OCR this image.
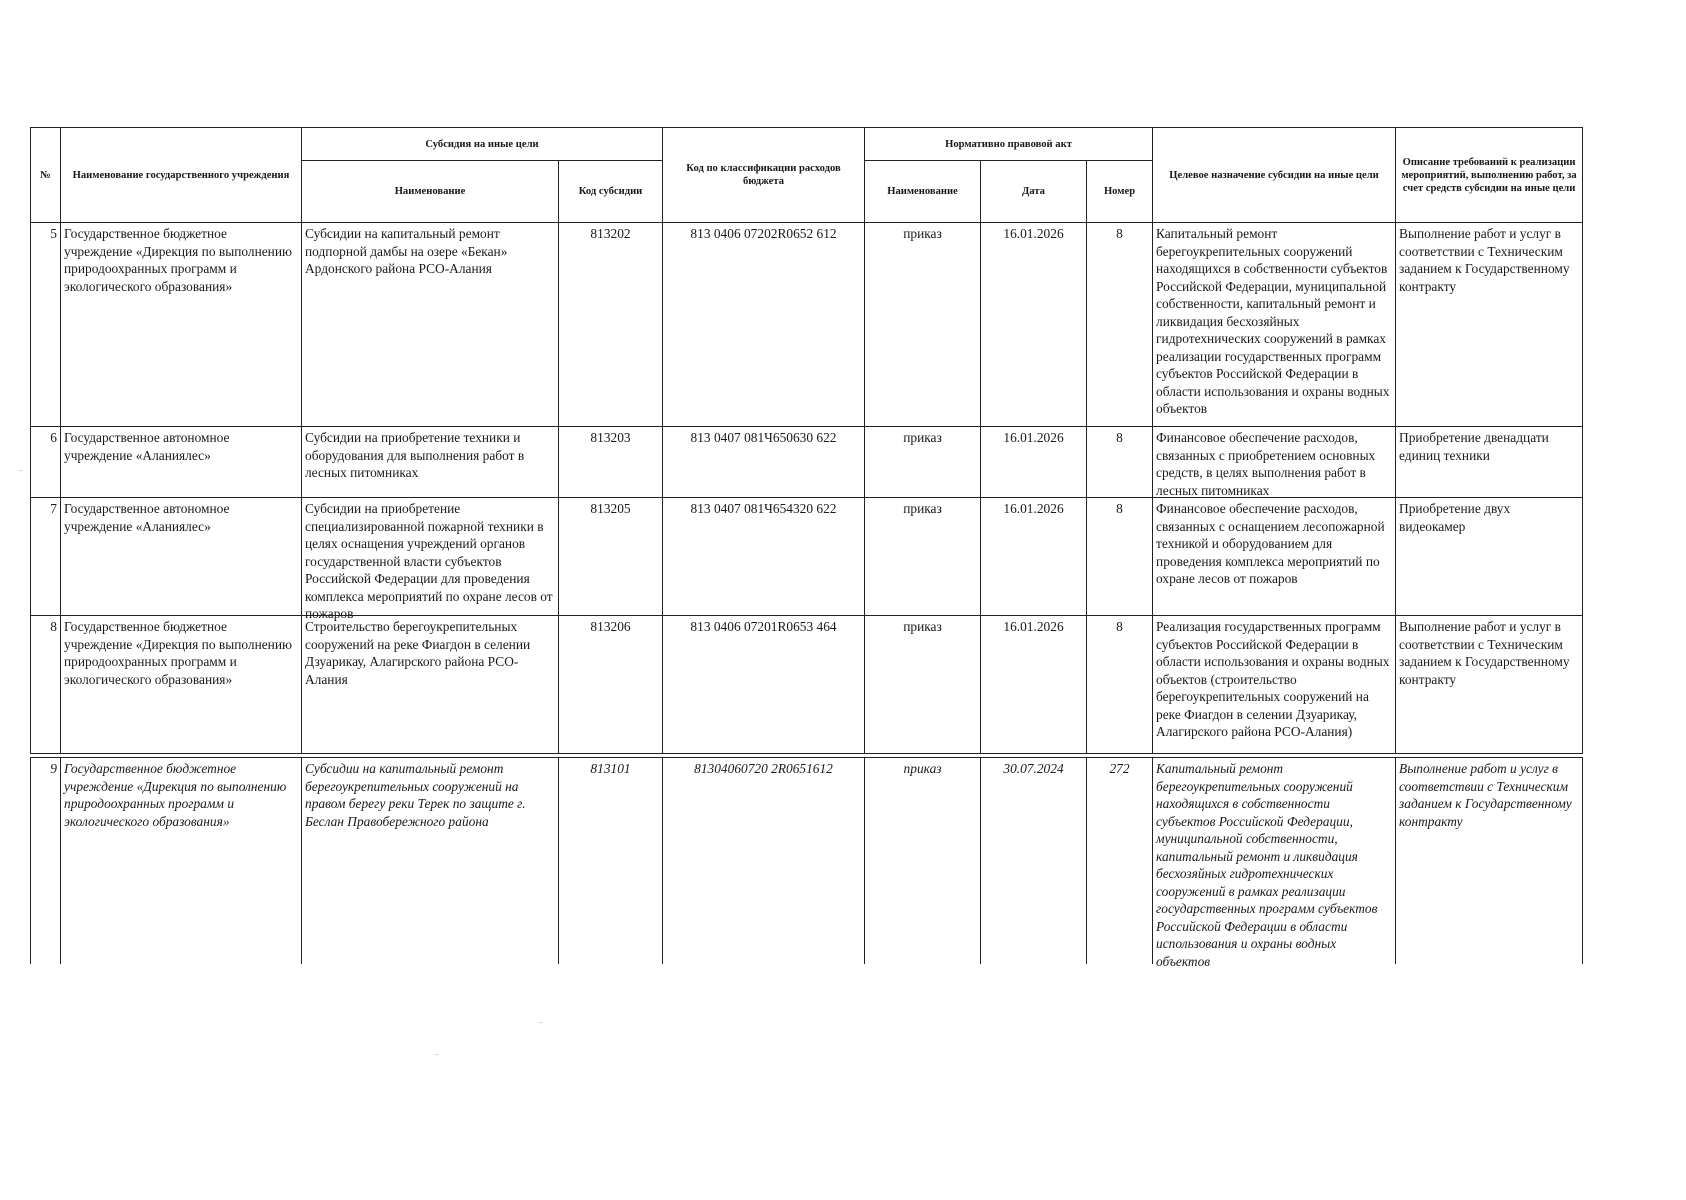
№	Наименование государственного учреждения	Субсидия на иные цели		Код по классификации расходов бюджета	Нормативно правовой акт			Целевое назначение субсидии на иные цели	Описание требований к реализации мероприятий, выполнению работ, за счет средств субсидии на иные цели
		Наименование	Код субсидии		Наименование	Дата	Номер		
5	Государственное бюджетное учреждение «Дирекция по выполнению природоохранных программ и экологического образования»	Субсидии на капитальный ремонт подпорной дамбы на озере «Бекан» Ардонского района РСО-Алания	813202	813 0406 07202R0652 612	приказ	16.01.2026	8	Капитальный ремонт берегоукрепительных сооружений находящихся в собственности субъектов Российской Федерации, муниципальной собственности, капитальный ремонт и ликвидация бесхозяйных гидротехнических сооружений в рамках реализации государственных программ субъектов Российской Федерации в области использования и охраны водных объектов	Выполнение работ и услуг в соответствии с Техническим заданием к Государственному контракту

6	Государственное автономное учреждение «Аланиялес»	Субсидии на приобретение техники и оборудования для выполнения работ в лесных питомниках	813203	813 0407 081Ч650630 622	приказ	16.01.2026	8	Финансовое обеспечение расходов, связанных с приобретением основных средств, в целях выполнения работ в лесных питомниках	Приобретение двенадцати единиц техники

7	Государственное автономное учреждение «Аланиялес»	Субсидии на приобретение специализированной пожарной техники в целях оснащения учреждений органов государственной власти субъектов Российской Федерации для проведения комплекса мероприятий по охране лесов от пожаров	813205	813 0407 081Ч654320 622	приказ	16.01.2026	8	Финансовое обеспечение расходов, связанных с оснащением лесопожарной техникой и оборудованием для проведения комплекса мероприятий по охране лесов от пожаров	Приобретение двух видеокамер

8	Государственное бюджетное учреждение «Дирекция по выполнению природоохранных программ и экологического образования»	Строительство берегоукрепительных сооружений на реке Фиагдон в селении Дзуарикау, Алагирского района РСО-Алания	813206	813 0406 07201R0653 464	приказ	16.01.2026	8	Реализация государственных программ субъектов Российской Федерации в области использования и охраны водных объектов (строительство берегоукрепительных сооружений на реке Фиагдон в селении Дзуарикау, Алагирского района РСО-Алания)	Выполнение работ и услуг в соответствии с Техническим заданием к Государственному контракту

9	Государственное бюджетное учреждение «Дирекция по выполнению природоохранных программ и экологического образования»	Субсидии на капитальный ремонт берегоукрепительных сооружений на правом берегу реки Терек по защите г. Беслан Правобережного района	813101	81304060720 2R0651612	приказ	30.07.2024	272	Капитальный ремонт берегоукрепительных сооружений находящихся в собственности субъектов Российской Федерации, муниципальной собственности, капитальный ремонт и ликвидация бесхозяйных гидротехнических сооружений в рамках реализации государственных программ субъектов Российской Федерации в области использования и охраны водных объектов	Выполнение работ и услуг в соответствии с Техническим заданием к Государственному контракту
